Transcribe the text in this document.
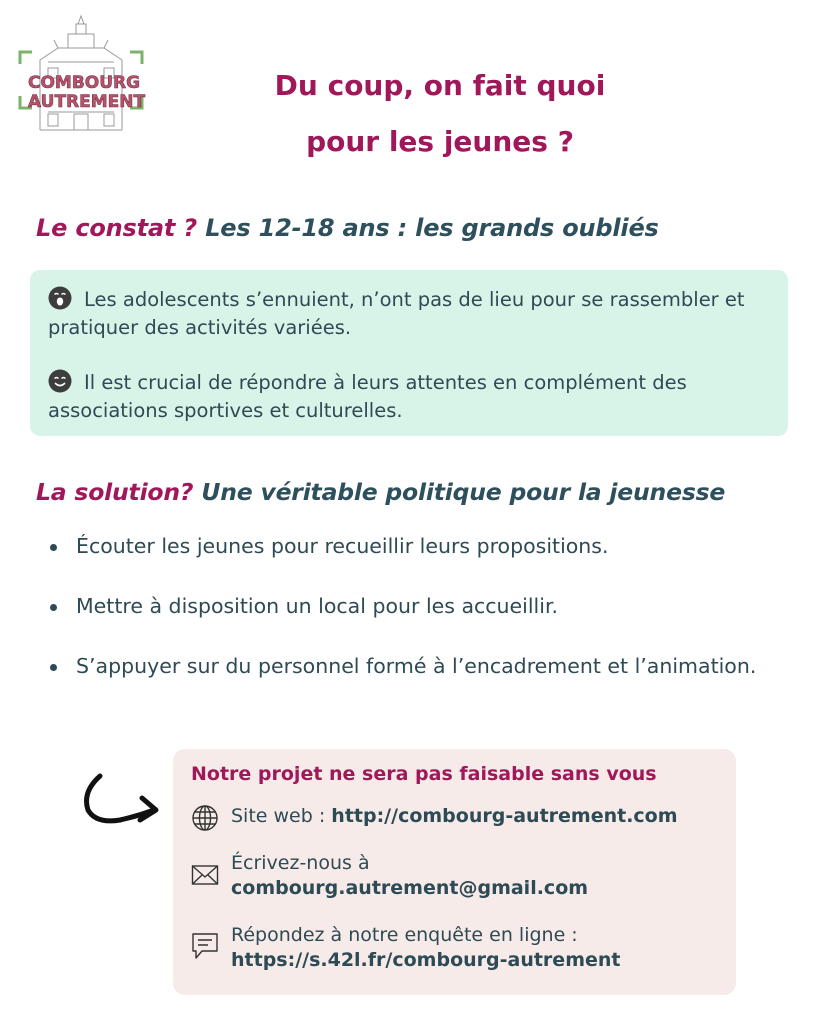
COMBOURG
AUTREMENT	Du coup, on fait quoi
pour les jeunes ?
Le constat ? Les 12-18 ans : les grands oubliés
Les adolescents s’ennuient, n’ont pas de lieu pour se rassembler et pratiquer des activités variées.
Il est crucial de répondre à leurs attentes en complément des associations sportives et culturelles.
La solution? Une véritable politique pour la jeunesse
Écouter les jeunes pour recueillir leurs propositions.
Mettre à disposition un local pour les accueillir.
S’appuyer sur du personnel formé à l’encadrement et l’animation.
Notre projet ne sera pas faisable sans vous
Site web : http://combourg-autrement.com
Écrivez-nous à
combourg.autrement@gmail.com
Répondez à notre enquête en ligne :
https://s.42l.fr/combourg-autrement
